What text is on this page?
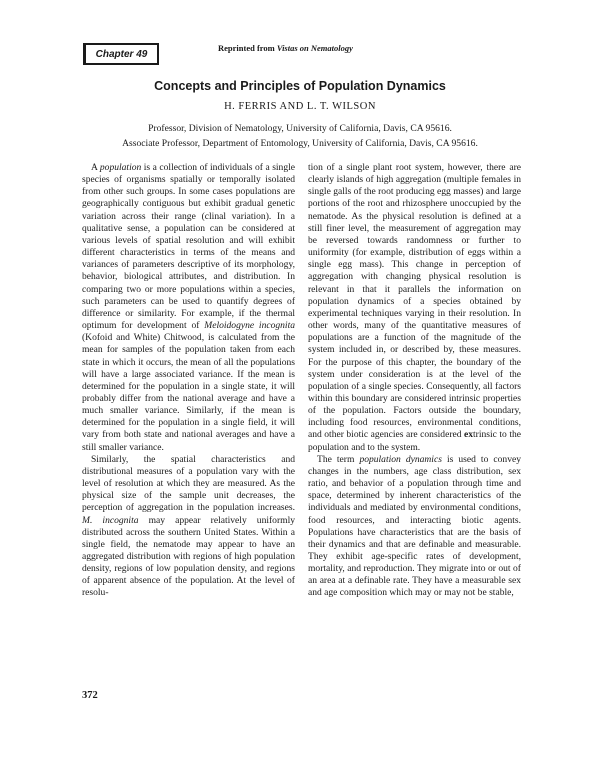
Chapter 49
Reprinted from Vistas on Nematology
Concepts and Principles of Population Dynamics
H. FERRIS AND L. T. WILSON
Professor, Division of Nematology, University of California, Davis, CA 95616.
Associate Professor, Department of Entomology, University of California, Davis, CA 95616.

A population is a collection of individuals of a single species of organisms spatially or temporally isolated from other such groups. In some cases populations are geographically contiguous but exhibit gradual genetic variation across their range (clinal variation). In a qualitative sense, a population can be considered at various levels of spatial resolution and will exhibit different characteristics in terms of the means and variances of parameters descriptive of its morphology, behavior, biological attributes, and distribution. In comparing two or more populations within a species, such parameters can be used to quantify degrees of difference or similarity. For example, if the thermal optimum for development of Meloidogyne incognita (Kofoid and White) Chitwood, is calculated from the mean for samples of the population taken from each state in which it occurs, the mean of all the populations will have a large associated variance. If the mean is determined for the population in a single state, it will probably differ from the national average and have a much smaller variance. Similarly, if the mean is determined for the population in a single field, it will vary from both state and national averages and have a still smaller variance.

Similarly, the spatial characteristics and distributional measures of a population vary with the level of resolution at which they are measured. As the physical size of the sample unit decreases, the perception of aggregation in the population increases. M. incognita may appear relatively uniformly distributed across the southern United States. Within a single field, the nematode may appear to have an aggregated distribution with regions of high population density, regions of low population density, and regions of apparent absence of the population. At the level of resolu-

tion of a single plant root system, however, there are clearly islands of high aggregation (multiple females in single galls of the root producing egg masses) and large portions of the root and rhizosphere unoccupied by the nematode. As the physical resolution is defined at a still finer level, the measurement of aggregation may be reversed towards randomness or further to uniformity (for example, distribution of eggs within a single egg mass). This change in perception of aggregation with changing physical resolution is relevant in that it parallels the information on population dynamics of a species obtained by experimental techniques varying in their resolution. In other words, many of the quantitative measures of populations are a function of the magnitude of the system included in, or described by, these measures. For the purpose of this chapter, the boundary of the system under consideration is at the level of the population of a single species. Consequently, all factors within this boundary are considered intrinsic properties of the population. Factors outside the boundary, including food resources, environmental conditions, and other biotic agencies are considered extrinsic to the population and to the system.

The term population dynamics is used to convey changes in the numbers, age class distribution, sex ratio, and behavior of a population through time and space, determined by inherent characteristics of the individuals and mediated by environmental conditions, food resources, and interacting biotic agents. Populations have characteristics that are the basis of their dynamics and that are definable and measurable. They exhibit age-specific rates of development, mortality, and reproduction. They migrate into or out of an area at a definable rate. They have a measurable sex and age composition which may or may not be stable,

372
